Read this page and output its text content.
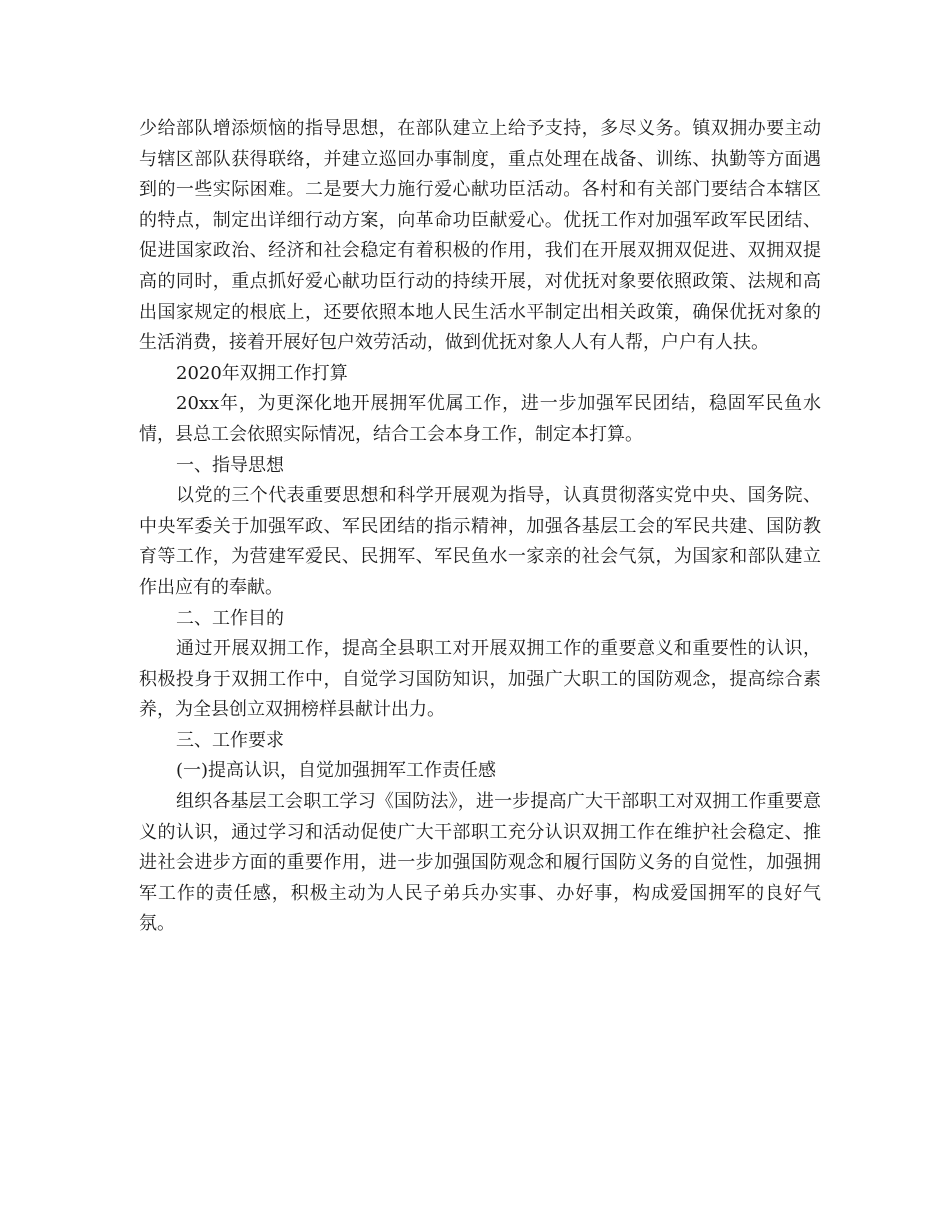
少给部队增添烦恼的指导思想，在部队建立上给予支持，多尽义务。镇双拥办要主动与辖区部队获得联络，并建立巡回办事制度，重点处理在战备、训练、执勤等方面遇到的一些实际困难。二是要大力施行爱心献功臣活动。各村和有关部门要结合本辖区的特点，制定出详细行动方案，向革命功臣献爱心。优抚工作对加强军政军民团结、促进国家政治、经济和社会稳定有着积极的作用，我们在开展双拥双促进、双拥双提高的同时，重点抓好爱心献功臣行动的持续开展，对优抚对象要依照政策、法规和高出国家规定的根底上，还要依照本地人民生活水平制定出相关政策，确保优抚对象的生活消费，接着开展好包户效劳活动，做到优抚对象人人有人帮，户户有人扶。

2020年双拥工作打算

20xx年，为更深化地开展拥军优属工作，进一步加强军民团结，稳固军民鱼水情，县总工会依照实际情况，结合工会本身工作，制定本打算。

一、指导思想

以党的三个代表重要思想和科学开展观为指导，认真贯彻落实党中央、国务院、中央军委关于加强军政、军民团结的指示精神，加强各基层工会的军民共建、国防教育等工作，为营建军爱民、民拥军、军民鱼水一家亲的社会气氛，为国家和部队建立作出应有的奉献。

二、工作目的

通过开展双拥工作，提高全县职工对开展双拥工作的重要意义和重要性的认识，积极投身于双拥工作中，自觉学习国防知识，加强广大职工的国防观念，提高综合素养，为全县创立双拥榜样县献计出力。

三、工作要求

(一)提高认识，自觉加强拥军工作责任感

组织各基层工会职工学习《国防法》，进一步提高广大干部职工对双拥工作重要意义的认识，通过学习和活动促使广大干部职工充分认识双拥工作在维护社会稳定、推进社会进步方面的重要作用，进一步加强国防观念和履行国防义务的自觉性，加强拥军工作的责任感，积极主动为人民子弟兵办实事、办好事，构成爱国拥军的良好气氛。
